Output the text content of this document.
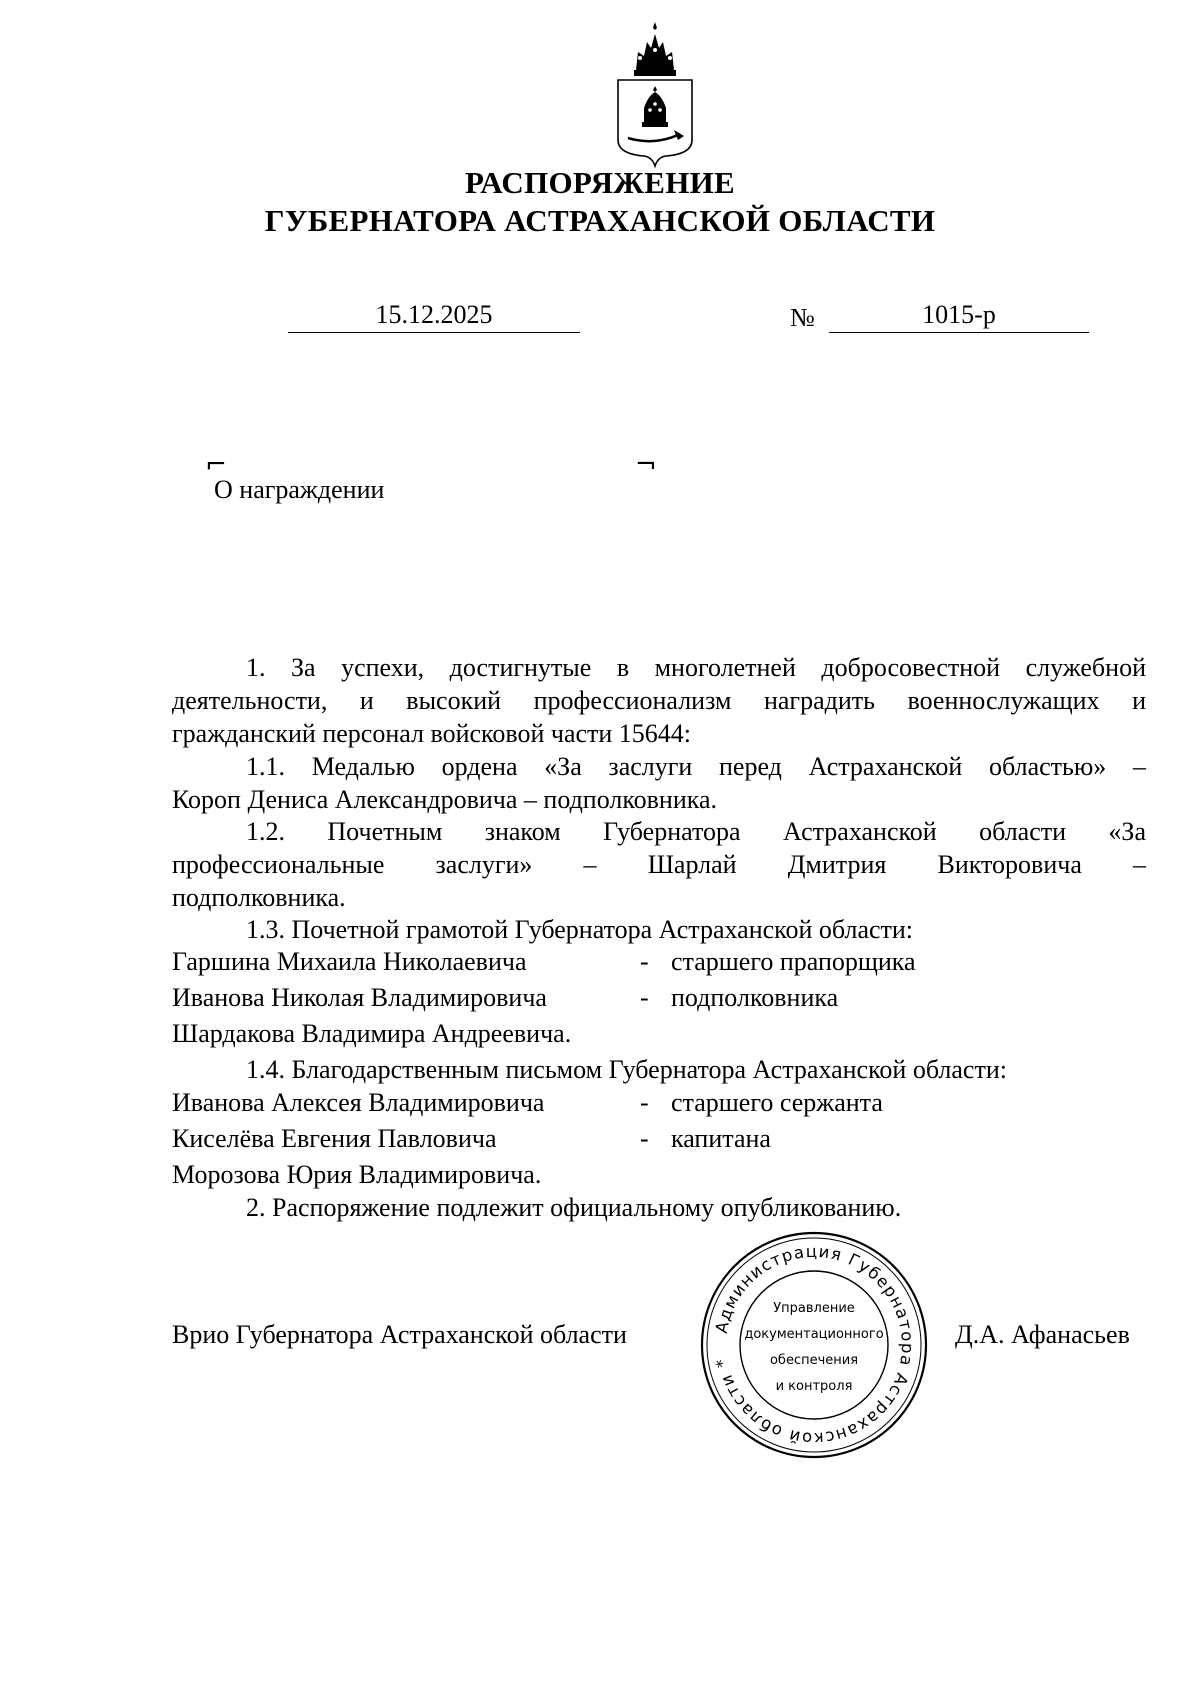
РАСПОРЯЖЕНИЕ
ГУБЕРНАТОРА АСТРАХАНСКОЙ ОБЛАСТИ
15.12.2025	№	1015-р
⌐	¬
О награждении
1. За успехи, достигнутые в многолетней добросовестной служебной
деятельности, и высокий профессионализм наградить военнослужащих и
гражданский персонал войсковой части 15644:
1.1. Медалью ордена «За заслуги перед Астраханской областью» –
Короп Дениса Александровича – подполковника.
1.2. Почетным знаком Губернатора Астраханской области «За
профессиональные заслуги» – Шарлай Дмитрия Викторовича –
подполковника.
1.3. Почетной грамотой Губернатора Астраханской области:
Гаршина Михаила Николаевича	- старшего прапорщика
Иванова Николая Владимировича	- подполковника
Шардакова Владимира Андреевича.
1.4. Благодарственным письмом Губернатора Астраханской области:
Иванова Алексея Владимировича	- старшего сержанта
Киселёва Евгения Павловича	- капитана
Морозова Юрия Владимировича.
2. Распоряжение подлежит официальному опубликованию.
Врио Губернатора Астраханской области	Д.А. Афанасьев
Администрация Губернатора Астраханской области *
Управление
документационного
обеспечения
и контроля
